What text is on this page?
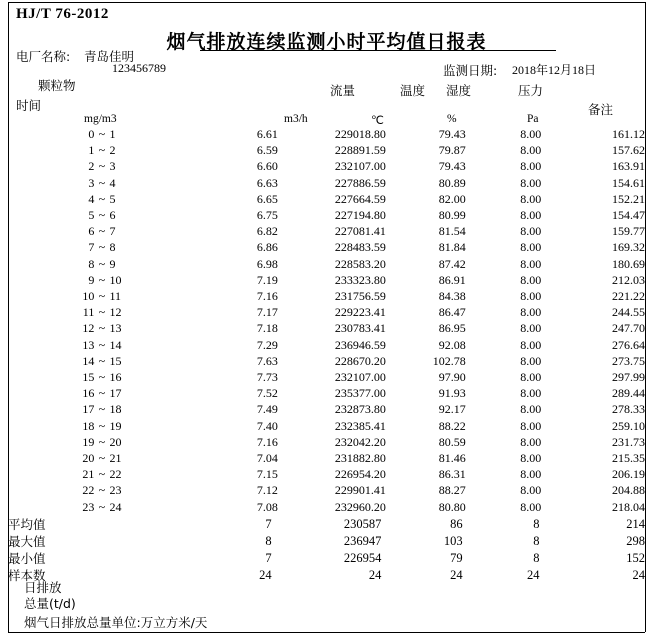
HJ/T 76-2012
烟气排放连续监测小时平均值日报表
电厂名称: 青岛佳明
123456789	监测日期: 2018年12月18日
颗粒物	流量	温度 湿度	压力
时间	备注
mg/m3	m3/h	℃	%	Pa
0	~	1	6.61	229018.80	79.43	8.00	161.12
1	~	2	6.59	228891.59	79.87	8.00	157.62
2	~	3	6.60	232107.00	79.43	8.00	163.91
3	~	4	6.63	227886.59	80.89	8.00	154.61
4	~	5	6.65	227664.59	82.00	8.00	152.21
5	~	6	6.75	227194.80	80.99	8.00	154.47
6	~	7	6.82	227081.41	81.54	8.00	159.77
7	~	8	6.86	228483.59	81.84	8.00	169.32
8	~	9	6.98	228583.20	87.42	8.00	180.69
9	~	10	7.19	233323.80	86.91	8.00	212.03
10	~	11	7.16	231756.59	84.38	8.00	221.22
11	~	12	7.17	229223.41	86.47	8.00	244.55
12	~	13	7.18	230783.41	86.95	8.00	247.70
13	~	14	7.29	236946.59	92.08	8.00	276.64
14	~	15	7.63	228670.20	102.78	8.00	273.75
15	~	16	7.73	232107.00	97.90	8.00	297.99
16	~	17	7.52	235377.00	91.93	8.00	289.44
17	~	18	7.49	232873.80	92.17	8.00	278.33
18	~	19	7.40	232385.41	88.22	8.00	259.10
19	~	20	7.16	232042.20	80.59	8.00	231.73
20	~	21	7.04	231882.80	81.46	8.00	215.35
21	~	22	7.15	226954.20	86.31	8.00	206.19
22	~	23	7.12	229901.41	88.27	8.00	204.88
23	~	24	7.08	232960.20	80.80	8.00	218.04
平均值	7	230587	86	8	214
最大值	8	236947	103	8	298
最小值	7	226954	79	8	152
样本数	24	24	24	24	24
日排放
总量(t/d)
烟气日排放总量单位:万立方米/天
